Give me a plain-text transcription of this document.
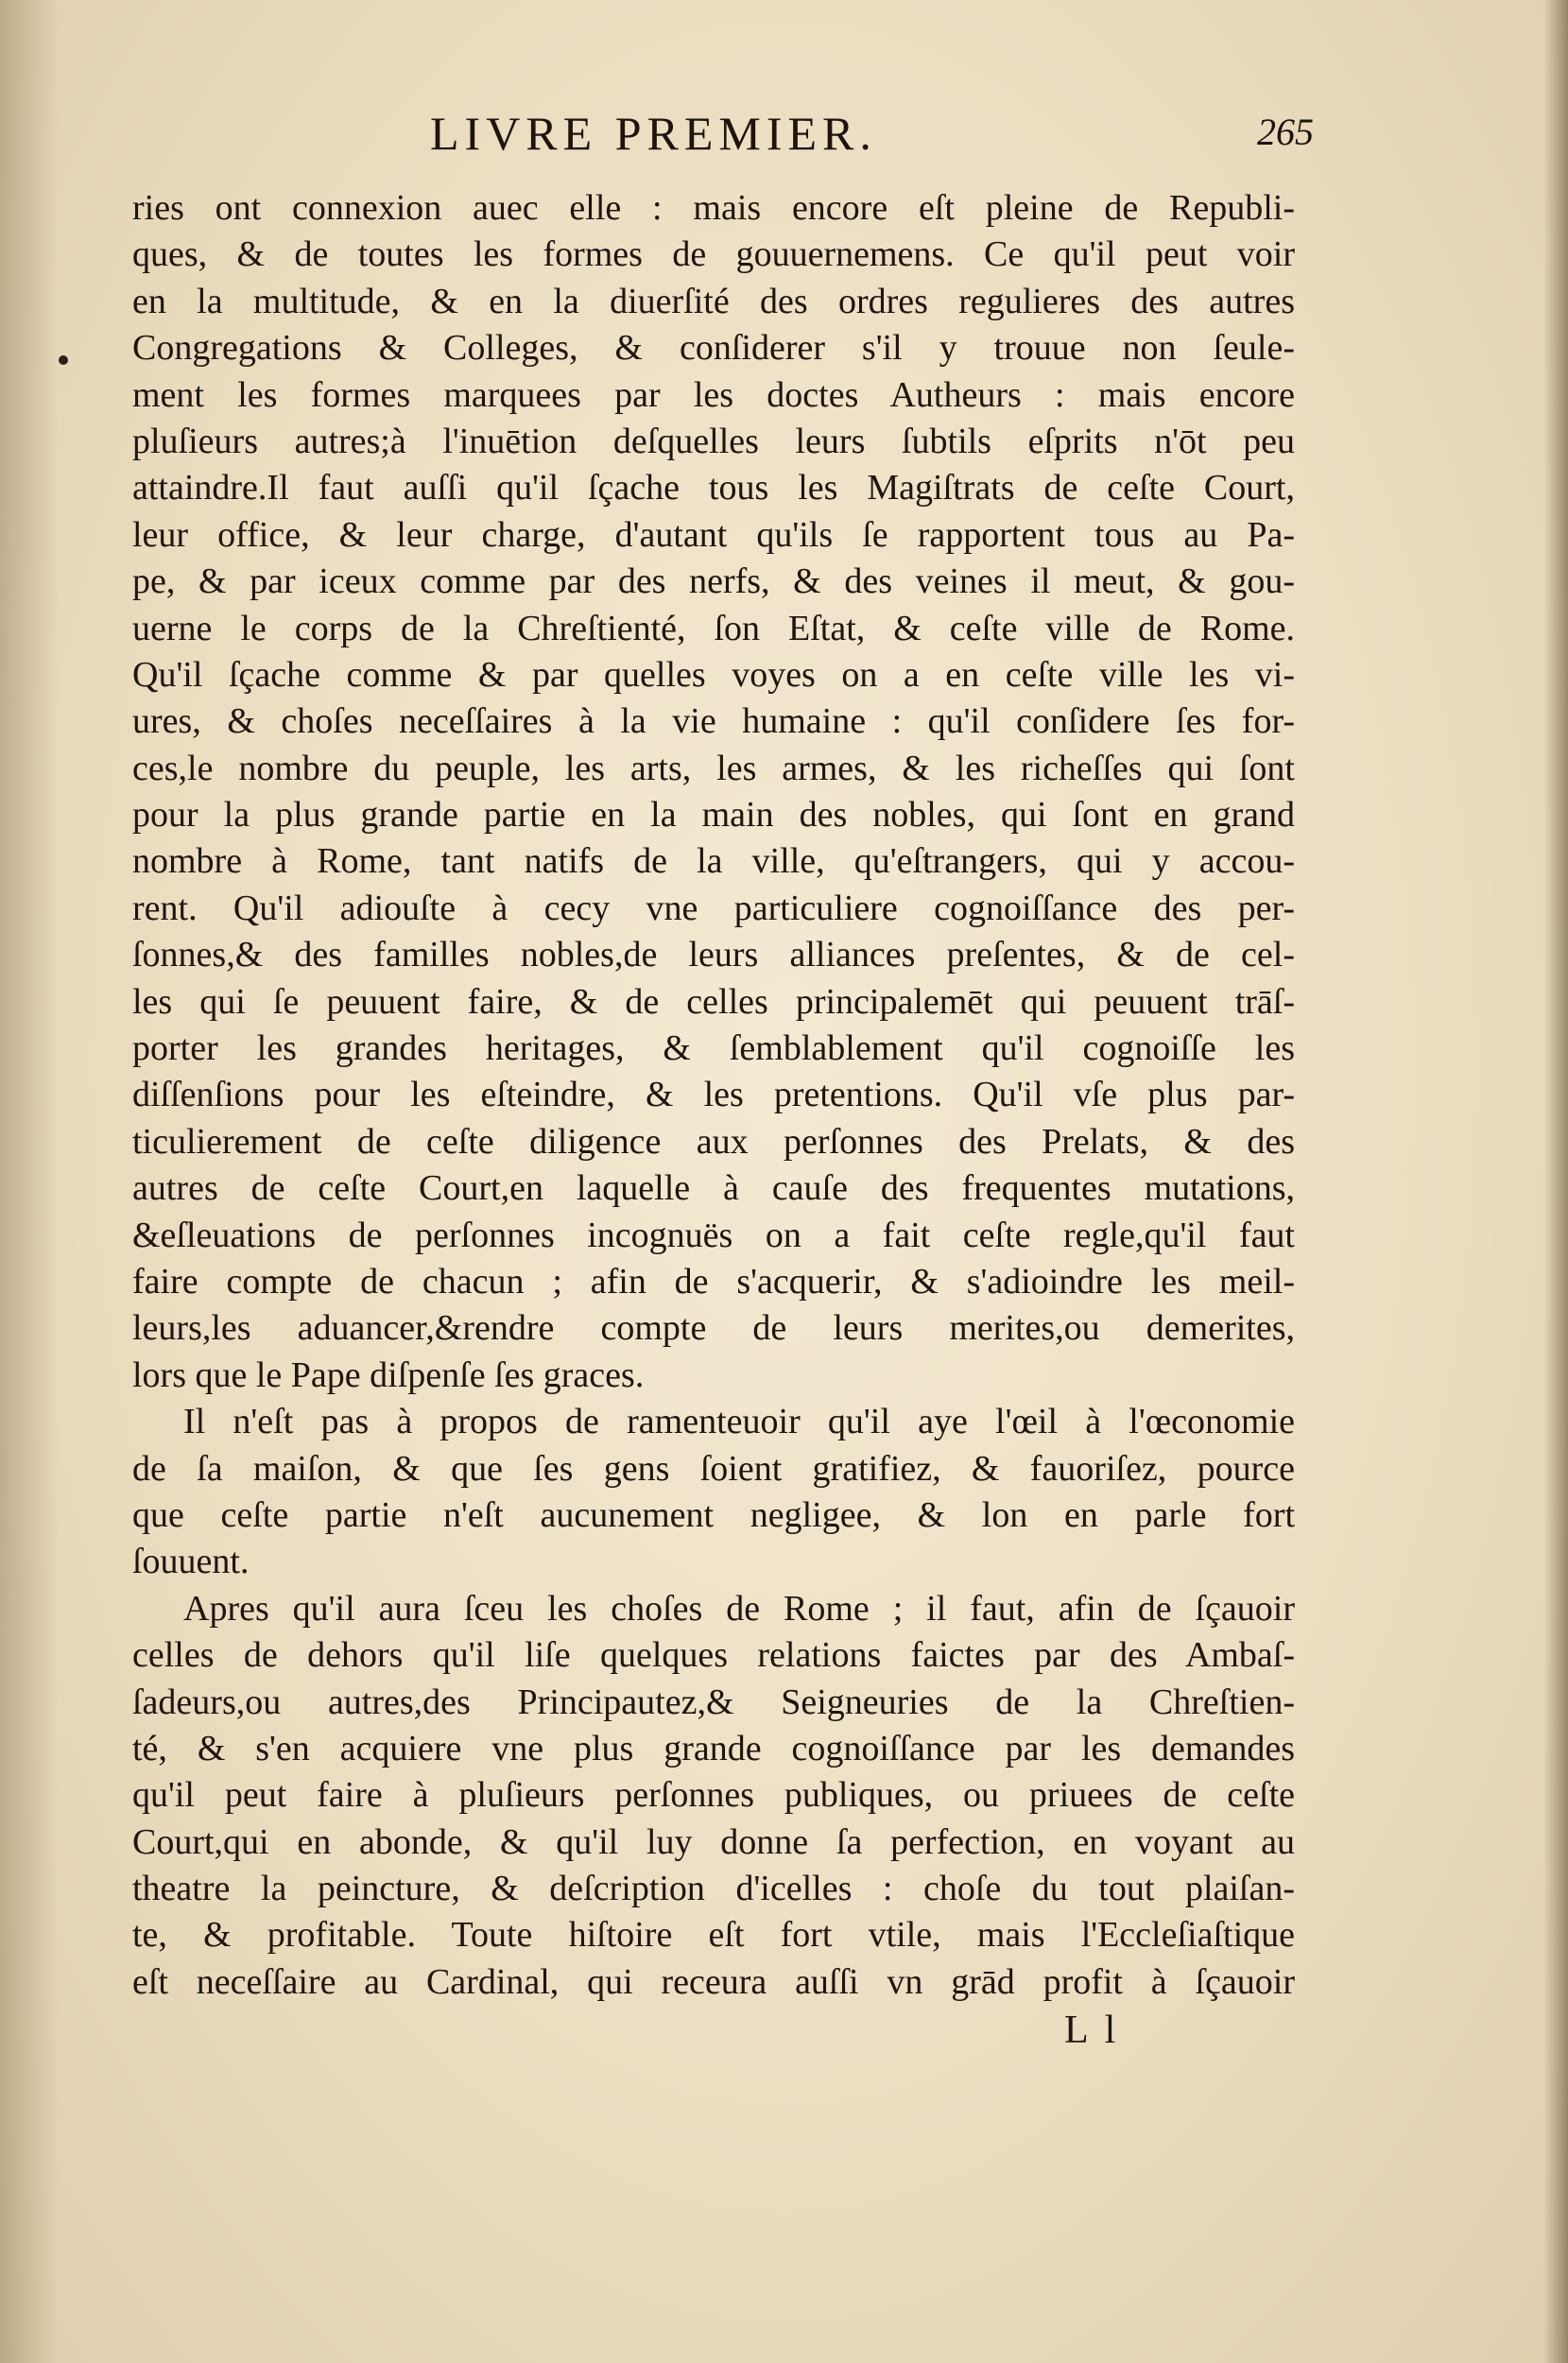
LIVRE PREMIER.	265
ries ont connexion auec elle : mais encore eſt pleine de Republi-
ques, & de toutes les formes de gouuernemens. Ce qu'il peut voir
en la multitude, & en la diuerſité des ordres regulieres des autres
Congregations & Colleges, & conſiderer s'il y trouue non ſeule-
ment les formes marquees par les doctes Autheurs : mais encore
pluſieurs autres;à l'inuētion deſquelles leurs ſubtils eſprits n'ōt peu
attaindre.Il faut auſſi qu'il ſçache tous les Magiſtrats de ceſte Court,
leur office, & leur charge, d'autant qu'ils ſe rapportent tous au Pa-
pe, & par iceux comme par des nerfs, & des veines il meut, & gou-
uerne le corps de la Chreſtienté, ſon Eſtat, & ceſte ville de Rome.
Qu'il ſçache comme & par quelles voyes on a en ceſte ville les vi-
ures, & choſes neceſſaires à la vie humaine : qu'il conſidere ſes for-
ces,le nombre du peuple, les arts, les armes, & les richeſſes qui ſont
pour la plus grande partie en la main des nobles, qui ſont en grand
nombre à Rome, tant natifs de la ville, qu'eſtrangers, qui y accou-
rent. Qu'il adiouſte à cecy vne particuliere cognoiſſance des per-
ſonnes,& des familles nobles,de leurs alliances preſentes, & de cel-
les qui ſe peuuent faire, & de celles principalemēt qui peuuent trāſ-
porter les grandes heritages, & ſemblablement qu'il cognoiſſe les
diſſenſions pour les eſteindre, & les pretentions. Qu'il vſe plus par-
ticulierement de ceſte diligence aux perſonnes des Prelats, & des
autres de ceſte Court,en laquelle à cauſe des frequentes mutations,
&eſleuations de perſonnes incognuës on a fait ceſte regle,qu'il faut
faire compte de chacun ; afin de s'acquerir, & s'adioindre les meil-
leurs,les aduancer,&rendre compte de leurs merites,ou demerites,
lors que le Pape diſpenſe ſes graces.
Il n'eſt pas à propos de ramenteuoir qu'il aye l'œil à l'œconomie
de ſa maiſon, & que ſes gens ſoient gratifiez, & fauoriſez, pource
que ceſte partie n'eſt aucunement negligee, & lon en parle fort
ſouuent.
Apres qu'il aura ſceu les choſes de Rome ; il faut, afin de ſçauoir
celles de dehors qu'il liſe quelques relations faictes par des Ambaſ-
ſadeurs,ou autres,des Principautez,& Seigneuries de la Chreſtien-
té, & s'en acquiere vne plus grande cognoiſſance par les demandes
qu'il peut faire à pluſieurs perſonnes publiques, ou priuees de ceſte
Court,qui en abonde, & qu'il luy donne ſa perfection, en voyant au
theatre la peincture, & deſcription d'icelles : choſe du tout plaiſan-
te, & profitable. Toute hiſtoire eſt fort vtile, mais l'Eccleſiaſtique
eſt neceſſaire au Cardinal, qui receura auſſi vn grād profit à ſçauoir
L l
